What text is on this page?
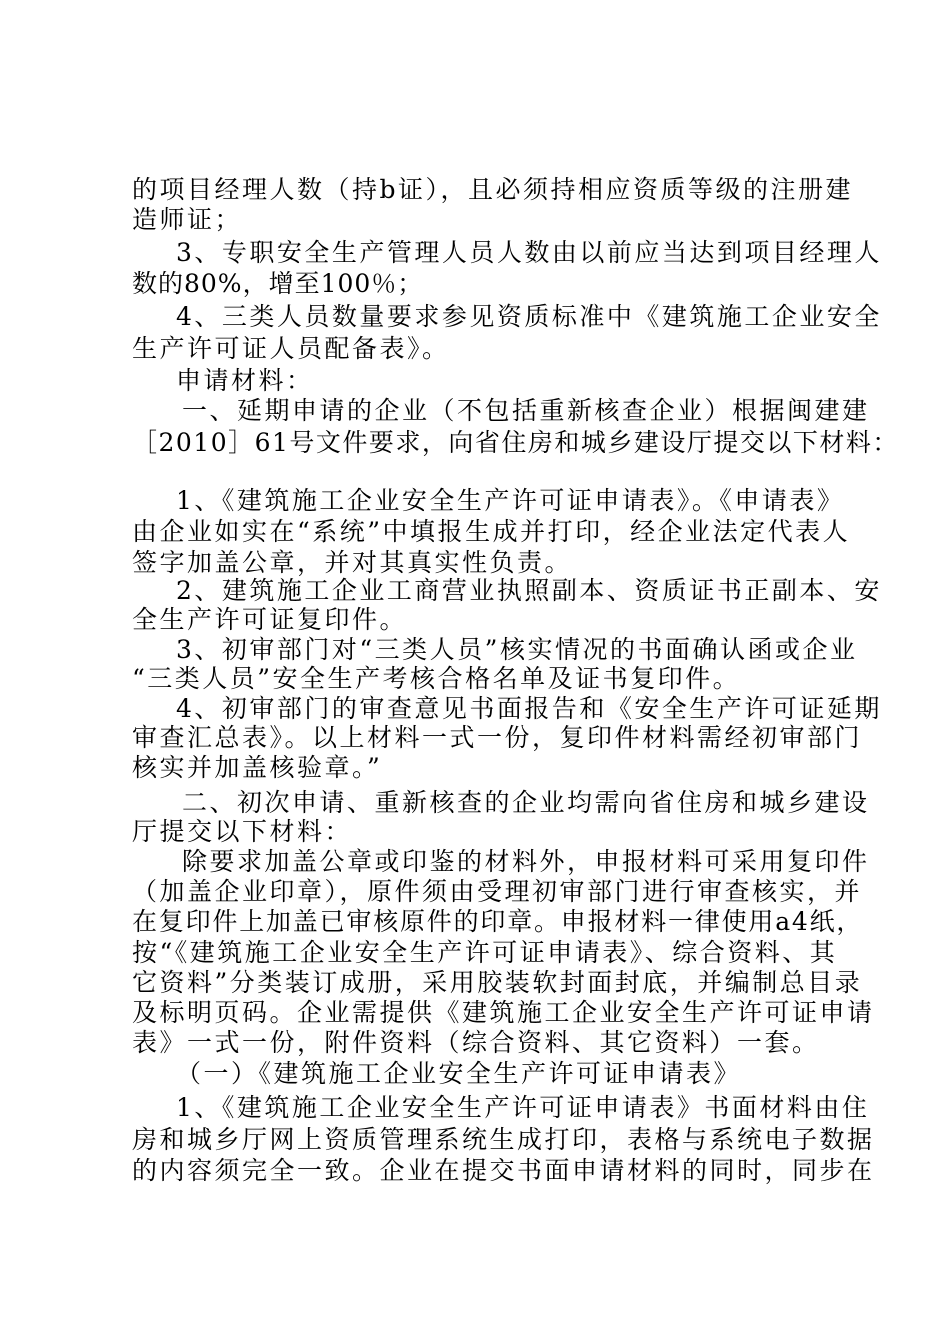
的项目经理人数（持b证），且必须持相应资质等级的注册建
造师证；
3、专职安全生产管理人员人数由以前应当达到项目经理人
数的80%，增至100％；
4、三类人员数量要求参见资质标准中《建筑施工企业安全
生产许可证人员配备表》。
申请材料：
一、延期申请的企业（不包括重新核查企业）根据闽建建
［2010］61号文件要求，向省住房和城乡建设厅提交以下材料：
1、《建筑施工企业安全生产许可证申请表》。《申请表》
由企业如实在“系统”中填报生成并打印，经企业法定代表人
签字加盖公章，并对其真实性负责。
2、建筑施工企业工商营业执照副本、资质证书正副本、安
全生产许可证复印件。
3、初审部门对“三类人员”核实情况的书面确认函或企业
“三类人员”安全生产考核合格名单及证书复印件。
4、初审部门的审查意见书面报告和《安全生产许可证延期
审查汇总表》。以上材料一式一份，复印件材料需经初审部门
核实并加盖核验章。”
二、初次申请、重新核查的企业均需向省住房和城乡建设
厅提交以下材料：
除要求加盖公章或印鉴的材料外，申报材料可采用复印件
（加盖企业印章），原件须由受理初审部门进行审查核实，并
在复印件上加盖已审核原件的印章。申报材料一律使用a4纸，
按“《建筑施工企业安全生产许可证申请表》、综合资料、其
它资料”分类装订成册，采用胶装软封面封底，并编制总目录
及标明页码。企业需提供《建筑施工企业安全生产许可证申请
表》一式一份，附件资料（综合资料、其它资料）一套。
（一）《建筑施工企业安全生产许可证申请表》
1、《建筑施工企业安全生产许可证申请表》书面材料由住
房和城乡厅网上资质管理系统生成打印，表格与系统电子数据
的内容须完全一致。企业在提交书面申请材料的同时，同步在
